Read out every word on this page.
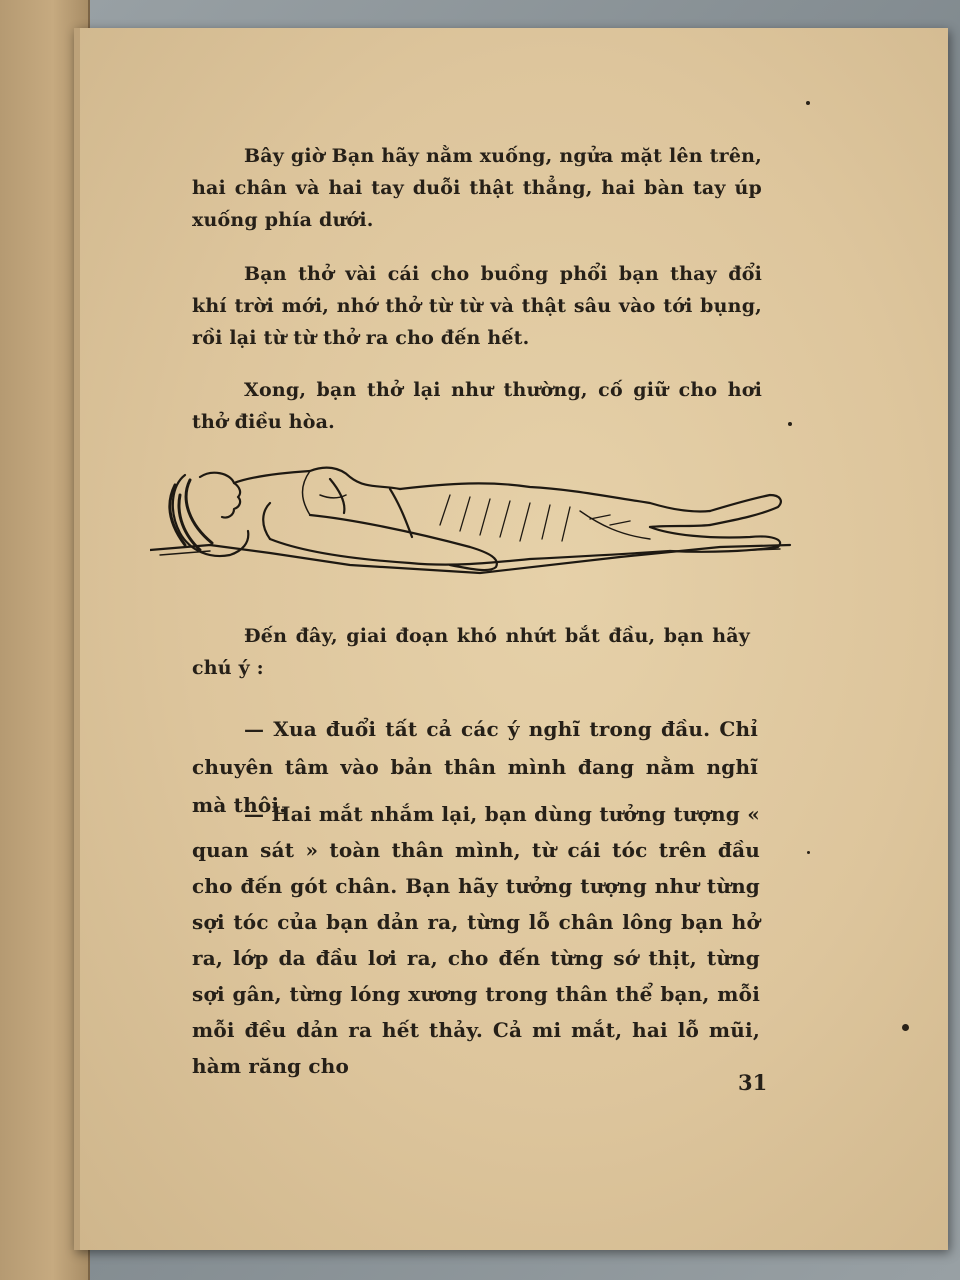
Bây giờ Bạn hãy nằm xuống, ngửa mặt lên trên, hai chân và hai tay duỗi thật thẳng, hai bàn tay úp xuống phía dưới.

Bạn thở vài cái cho buồng phổi bạn thay đổi khí trời mới, nhớ thở từ từ và thật sâu vào tới bụng, rồi lại từ từ thở ra cho đến hết.

Xong, bạn thở lại như thường, cố giữ cho hơi thở điều hòa.

Đến đây, giai đoạn khó nhứt bắt đầu, bạn hãy chú ý :

— Xua đuổi tất cả các ý nghĩ trong đầu. Chỉ chuyên tâm vào bản thân mình đang nằm nghĩ mà thôi.

— Hai mắt nhắm lại, bạn dùng tưởng tượng « quan sát » toàn thân mình, từ cái tóc trên đầu cho đến gót chân. Bạn hãy tưởng tượng như từng sợi tóc của bạn dản ra, từng lỗ chân lông bạn hở ra, lớp da đầu lơi ra, cho đến từng sớ thịt, từng sợi gân, từng lóng xương trong thân thể bạn, mỗi mỗi đều dản ra hết thảy. Cả mi mắt, hai lỗ mũi, hàm răng cho

31
